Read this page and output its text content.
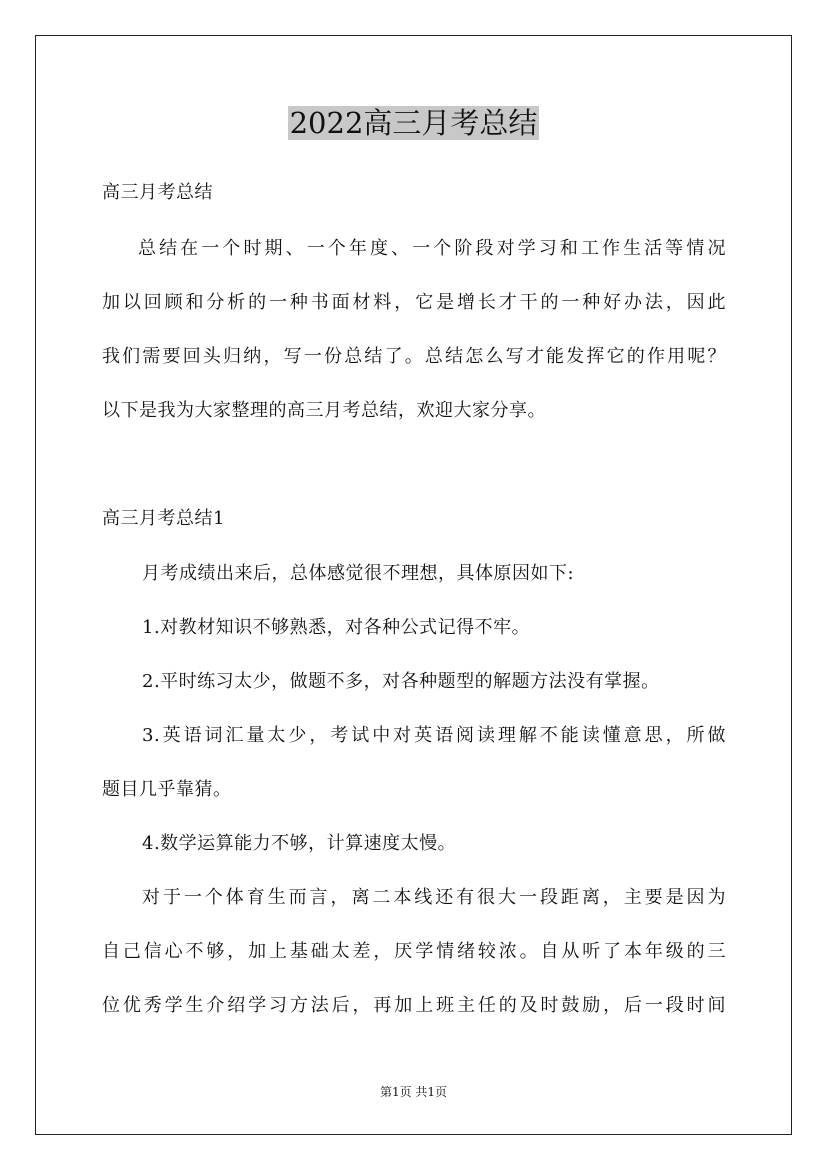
2022高三月考总结

高三月考总结

总结在一个时期、一个年度、一个阶段对学习和工作生活等情况

加以回顾和分析的一种书面材料，它是增长才干的一种好办法，因此

我们需要回头归纳，写一份总结了。总结怎么写才能发挥它的作用呢？

以下是我为大家整理的高三月考总结，欢迎大家分享。

高三月考总结1

月考成绩出来后，总体感觉很不理想，具体原因如下:

1.对教材知识不够熟悉，对各种公式记得不牢。

2.平时练习太少，做题不多，对各种题型的解题方法没有掌握。

3.英语词汇量太少，考试中对英语阅读理解不能读懂意思，所做

题目几乎靠猜。

4.数学运算能力不够，计算速度太慢。

对于一个体育生而言，离二本线还有很大一段距离，主要是因为

自己信心不够，加上基础太差，厌学情绪较浓。自从听了本年级的三

位优秀学生介绍学习方法后，再加上班主任的及时鼓励，后一段时间

第1页 共1页
